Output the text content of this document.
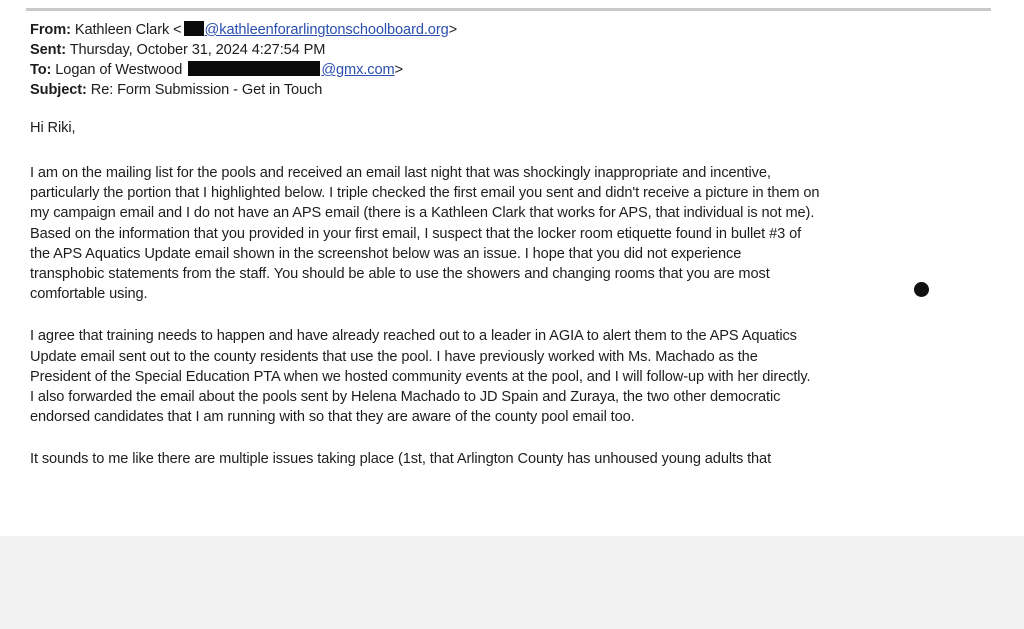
From: Kathleen Clark < @kathleenforarlingtonschoolboard.org>
Sent: Thursday, October 31, 2024 4:27:54 PM
To: Logan of Westwood	@gmx.com>
Subject: Re: Form Submission - Get in Touch
Hi Riki,
I am on the mailing list for the pools and received an email last night that was shockingly inappropriate and incentive,
particularly the portion that I highlighted below. I triple checked the first email you sent and didn't receive a picture in them on
my campaign email and I do not have an APS email (there is a Kathleen Clark that works for APS, that individual is not me).
Based on the information that you provided in your first email, I suspect that the locker room etiquette found in bullet #3 of
the APS Aquatics Update email shown in the screenshot below was an issue. I hope that you did not experience
transphobic statements from the staff. You should be able to use the showers and changing rooms that you are most
comfortable using.
I agree that training needs to happen and have already reached out to a leader in AGIA to alert them to the APS Aquatics
Update email sent out to the county residents that use the pool. I have previously worked with Ms. Machado as the
President of the Special Education PTA when we hosted community events at the pool, and I will follow-up with her directly.
I also forwarded the email about the pools sent by Helena Machado to JD Spain and Zuraya, the two other democratic
endorsed candidates that I am running with so that they are aware of the county pool email too.
It sounds to me like there are multiple issues taking place (1st, that Arlington County has unhoused young adults that
